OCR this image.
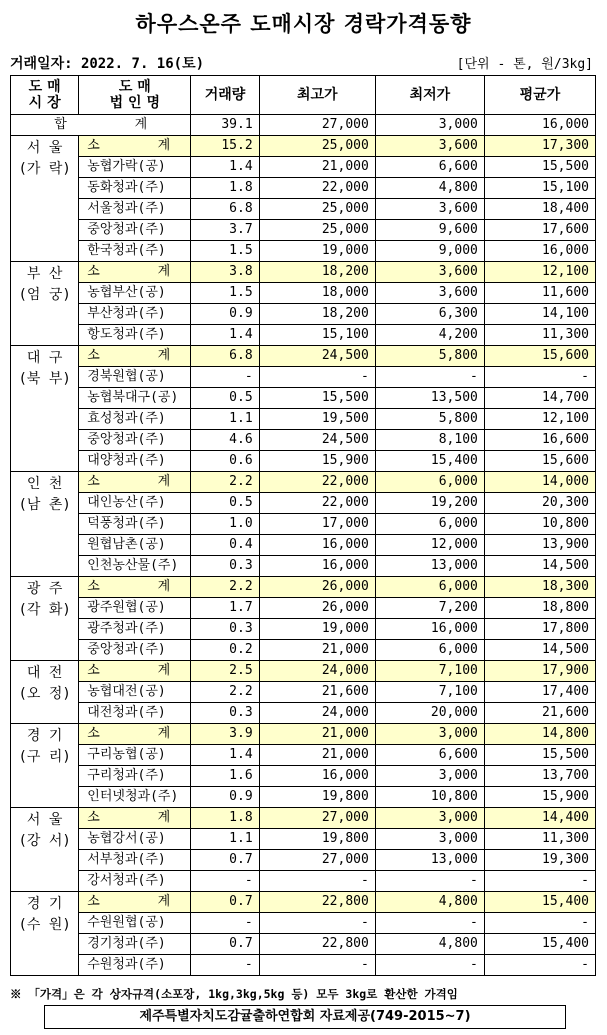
하우스온주 도매시장 경락가격동향
거래일자: 2022. 7. 16(토)	[단위 - 톤, 원/3kg]
도 매
시 장	도 매
법 인 명	거래량	최고가	최저가	평균가
합 계		39.1	27,000	3,000	16,000
서 울
(가 락)	소 계	15.2	25,000	3,600	17,300
	농협가락(공)	1.4	21,000	6,600	15,500
	동화청과(주)	1.8	22,000	4,800	15,100
	서울청과(주)	6.8	25,000	3,600	18,400
	중앙청과(주)	3.7	25,000	9,600	17,600
	한국청과(주)	1.5	19,000	9,000	16,000
부 산
(엄 궁)	소 계	3.8	18,200	3,600	12,100
	농협부산(공)	1.5	18,000	3,600	11,600
	부산청과(주)	0.9	18,200	6,300	14,100
	항도청과(주)	1.4	15,100	4,200	11,300
대 구
(북 부)	소 계	6.8	24,500	5,800	15,600
	경북원협(공)	-	-	-	-
	농협북대구(공)	0.5	15,500	13,500	14,700
	효성청과(주)	1.1	19,500	5,800	12,100
	중앙청과(주)	4.6	24,500	8,100	16,600
	대양청과(주)	0.6	15,900	15,400	15,600
인 천
(남 촌)	소 계	2.2	22,000	6,000	14,000
	대인농산(주)	0.5	22,000	19,200	20,300
	덕풍청과(주)	1.0	17,000	6,000	10,800
	원협남촌(공)	0.4	16,000	12,000	13,900
	인천농산물(주)	0.3	16,000	13,000	14,500
광 주
(각 화)	소 계	2.2	26,000	6,000	18,300
	광주원협(공)	1.7	26,000	7,200	18,800
	광주청과(주)	0.3	19,000	16,000	17,800
	중앙청과(주)	0.2	21,000	6,000	14,500
대 전
(오 정)	소 계	2.5	24,000	7,100	17,900
	농협대전(공)	2.2	21,600	7,100	17,400
	대전청과(주)	0.3	24,000	20,000	21,600
경 기
(구 리)	소 계	3.9	21,000	3,000	14,800
	구리농협(공)	1.4	21,000	6,600	15,500
	구리청과(주)	1.6	16,000	3,000	13,700
	인터넷청과(주)	0.9	19,800	10,800	15,900
서 울
(강 서)	소 계	1.8	27,000	3,000	14,400
	농협강서(공)	1.1	19,800	3,000	11,300
	서부청과(주)	0.7	27,000	13,000	19,300
	강서청과(주)	-	-	-	-
경 기
(수 원)	소 계	0.7	22,800	4,800	15,400
	수원원협(공)	-	-	-	-
	경기청과(주)	0.7	22,800	4,800	15,400
	수원청과(주)	-	-	-	-
※ 「가격」은 각 상자규격(소포장, 1kg,3kg,5kg 등) 모두 3kg로 환산한 가격임
제주특별자치도감귤출하연합회 자료제공(749-2015~7)
